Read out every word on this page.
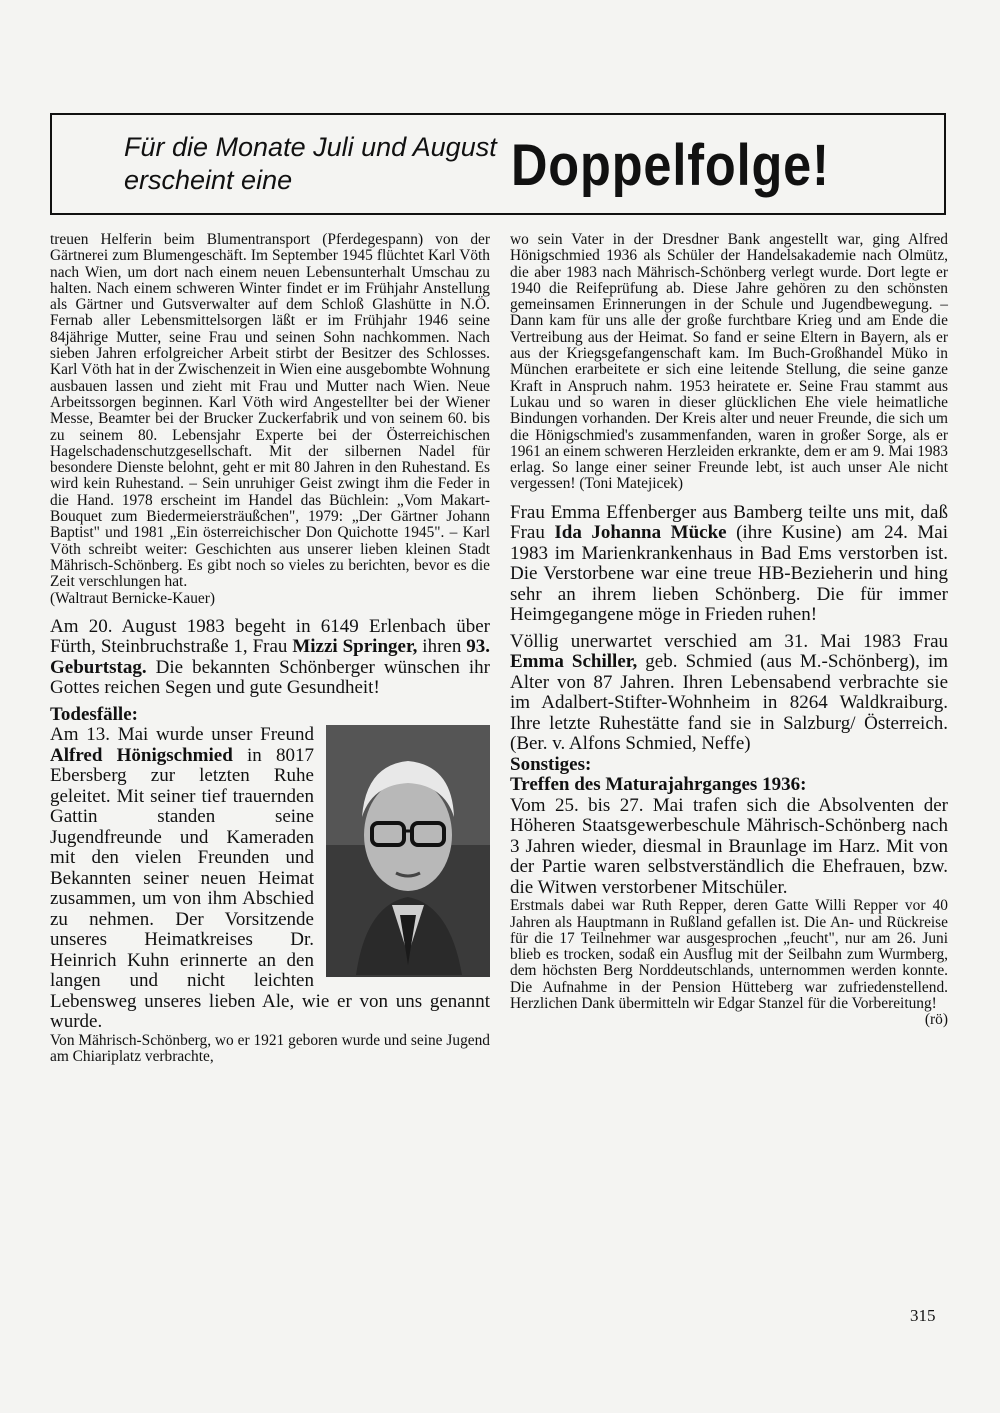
Für die Monate Juli und August erscheint eine	Doppelfolge!

treuen Helferin beim Blumentransport (Pferdegespann) von der Gärtnerei zum Blumengeschäft. Im September 1945 flüchtet Karl Vöth nach Wien, um dort nach einem neuen Lebensunterhalt Umschau zu halten. Nach einem schweren Winter findet er im Frühjahr Anstellung als Gärtner und Gutsverwalter auf dem Schloß Glashütte in N.Ö. Fernab aller Lebensmittelsorgen läßt er im Frühjahr 1946 seine 84jährige Mutter, seine Frau und seinen Sohn nachkommen. Nach sieben Jahren erfolgreicher Arbeit stirbt der Besitzer des Schlosses. Karl Vöth hat in der Zwischenzeit in Wien eine ausgebombte Wohnung ausbauen lassen und zieht mit Frau und Mutter nach Wien. Neue Arbeitssorgen beginnen. Karl Vöth wird Angestellter bei der Wiener Messe, Beamter bei der Brucker Zuckerfabrik und von seinem 60. bis zu seinem 80. Lebensjahr Experte bei der Österreichischen Hagelschadenschutzgesellschaft. Mit der silbernen Nadel für besondere Dienste belohnt, geht er mit 80 Jahren in den Ruhestand. Es wird kein Ruhestand. – Sein unruhiger Geist zwingt ihm die Feder in die Hand. 1978 erscheint im Handel das Büchlein: „Vom Makart-Bouquet zum Biedermeiersträußchen", 1979: „Der Gärtner Johann Baptist" und 1981 „Ein österreichischer Don Quichotte 1945". – Karl Vöth schreibt weiter: Geschichten aus unserer lieben kleinen Stadt Mährisch-Schönberg. Es gibt noch so vieles zu berichten, bevor es die Zeit verschlungen hat.

(Waltraut Bernicke-Kauer)

Am 20. August 1983 begeht in 6149 Erlenbach über Fürth, Steinbruchstraße 1, Frau Mizzi Springer, ihren 93. Geburtstag. Die bekannten Schönberger wünschen ihr Gottes reichen Segen und gute Gesundheit!

Todesfälle:

Am 13. Mai wurde unser Freund Alfred Hönigschmied in 8017 Ebersberg zur letzten Ruhe geleitet. Mit seiner tief trauernden Gattin standen seine Jugendfreunde und Kameraden mit den vielen Freunden und Bekannten seiner neuen Heimat zusammen, um von ihm Abschied zu nehmen. Der Vorsitzende unseres Heimatkreises Dr. Heinrich Kuhn erinnerte an den langen und nicht leichten Lebensweg unseres lieben Ale, wie er von uns genannt wurde.

Von Mährisch-Schönberg, wo er 1921 geboren wurde und seine Jugend am Chiariplatz verbrachte,

wo sein Vater in der Dresdner Bank angestellt war, ging Alfred Hönigschmied 1936 als Schüler der Handelsakademie nach Olmütz, die aber 1983 nach Mährisch-Schönberg verlegt wurde. Dort legte er 1940 die Reifeprüfung ab. Diese Jahre gehören zu den schönsten gemeinsamen Erinnerungen in der Schule und Jugendbewegung. – Dann kam für uns alle der große furchtbare Krieg und am Ende die Vertreibung aus der Heimat. So fand er seine Eltern in Bayern, als er aus der Kriegsgefangenschaft kam. Im Buch-Großhandel Müko in München erarbeitete er sich eine leitende Stellung, die seine ganze Kraft in Anspruch nahm. 1953 heiratete er. Seine Frau stammt aus Lukau und so waren in dieser glücklichen Ehe viele heimatliche Bindungen vorhanden. Der Kreis alter und neuer Freunde, die sich um die Hönigschmied's zusammenfanden, waren in großer Sorge, als er 1961 an einem schweren Herzleiden erkrankte, dem er am 9. Mai 1983 erlag. So lange einer seiner Freunde lebt, ist auch unser Ale nicht vergessen! (Toni Matejicek)

Frau Emma Effenberger aus Bamberg teilte uns mit, daß Frau Ida Johanna Mücke (ihre Kusine) am 24. Mai 1983 im Marienkrankenhaus in Bad Ems verstorben ist. Die Verstorbene war eine treue HB-Bezieherin und hing sehr an ihrem lieben Schönberg. Die für immer Heimgegangene möge in Frieden ruhen!

Völlig unerwartet verschied am 31. Mai 1983 Frau Emma Schiller, geb. Schmied (aus M.-Schönberg), im Alter von 87 Jahren. Ihren Lebensabend verbrachte sie im Adalbert-Stifter-Wohnheim in 8264 Waldkraiburg. Ihre letzte Ruhestätte fand sie in Salzburg/ Österreich. (Ber. v. Alfons Schmied, Neffe)

Sonstiges:

Treffen des Maturajahrganges 1936:

Vom 25. bis 27. Mai trafen sich die Absolventen der Höheren Staatsgewerbeschule Mährisch-Schönberg nach 3 Jahren wieder, diesmal in Braunlage im Harz. Mit von der Partie waren selbstverständlich die Ehefrauen, bzw. die Witwen verstorbener Mitschüler.

Erstmals dabei war Ruth Repper, deren Gatte Willi Repper vor 40 Jahren als Hauptmann in Rußland gefallen ist. Die An- und Rückreise für die 17 Teilnehmer war ausgesprochen „feucht", nur am 26. Juni blieb es trocken, sodaß ein Ausflug mit der Seilbahn zum Wurmberg, dem höchsten Berg Norddeutschlands, unternommen werden konnte. Die Aufnahme in der Pension Hütteberg war zufriedenstellend. Herzlichen Dank übermitteln wir Edgar Stanzel für die Vorbereitung!
(rö)

315
